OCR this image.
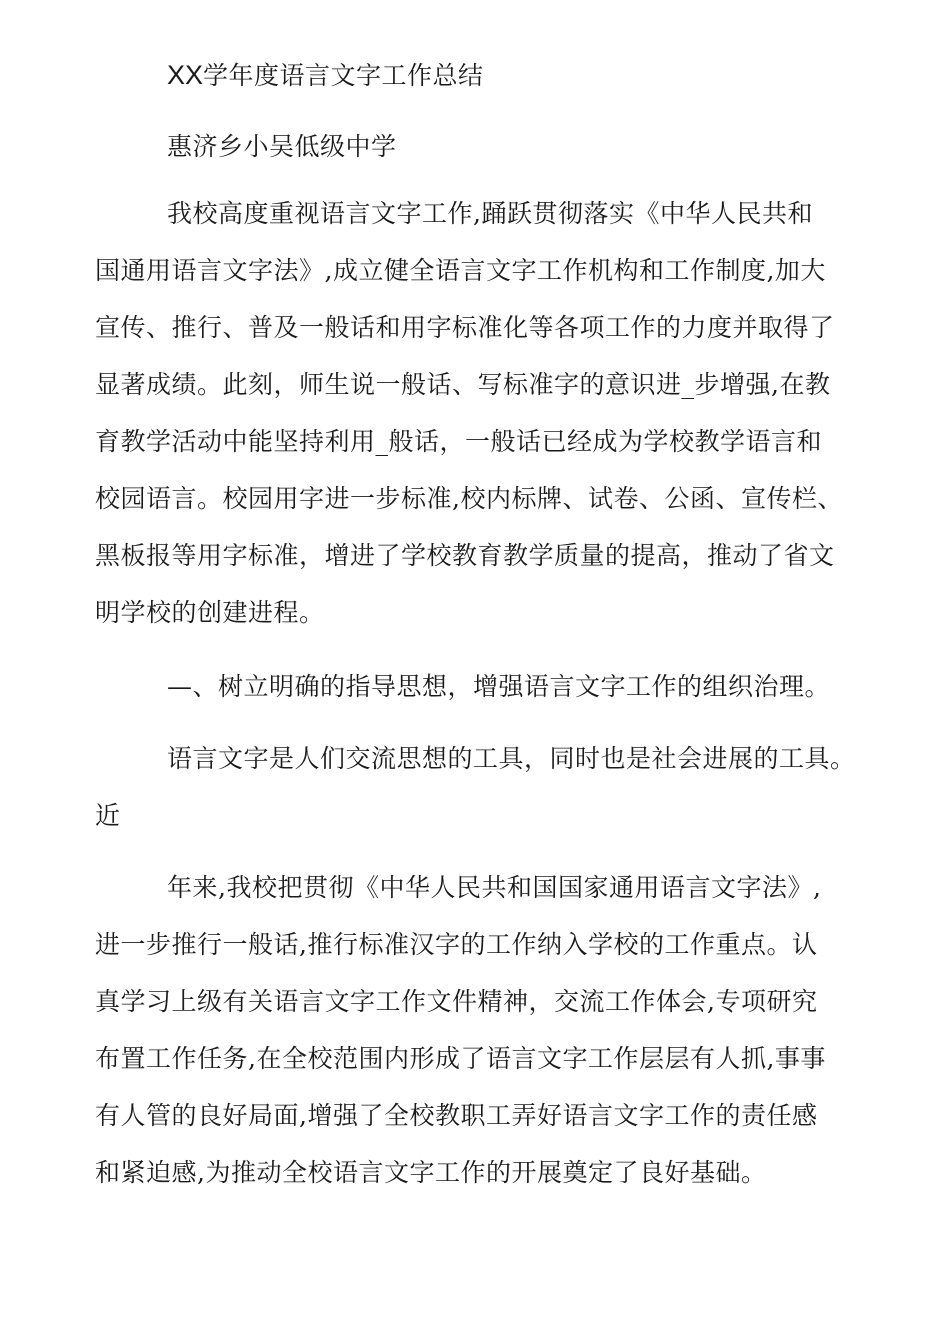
XX学年度语言文字工作总结
惠济乡小吴低级中学
我校高度重视语言文字工作,踊跃贯彻落实《中华人民共和
国通用语言文字法》,成立健全语言文字工作机构和工作制度,加大
宣传、推行、普及一般话和用字标准化等各项工作的力度并取得了
显著成绩。此刻，师生说一般话、写标准字的意识进_步增强,在教
育教学活动中能坚持利用_般话，一般话已经成为学校教学语言和
校园语言。校园用字进一步标准,校内标牌、试卷、公函、宣传栏、
黑板报等用字标准，增进了学校教育教学质量的提高，推动了省文
明学校的创建进程。
—、树立明确的指导思想，增强语言文字工作的组织治理。
语言文字是人们交流思想的工具，同时也是社会进展的工具。
近
年来,我校把贯彻《中华人民共和国国家通用语言文字法》,
进一步推行一般话,推行标准汉字的工作纳入学校的工作重点。认
真学习上级有关语言文字工作文件精神，交流工作体会,专项研究
布置工作任务,在全校范围内形成了语言文字工作层层有人抓,事事
有人管的良好局面,增强了全校教职工弄好语言文字工作的责任感
和紧迫感,为推动全校语言文字工作的开展奠定了良好基础。
